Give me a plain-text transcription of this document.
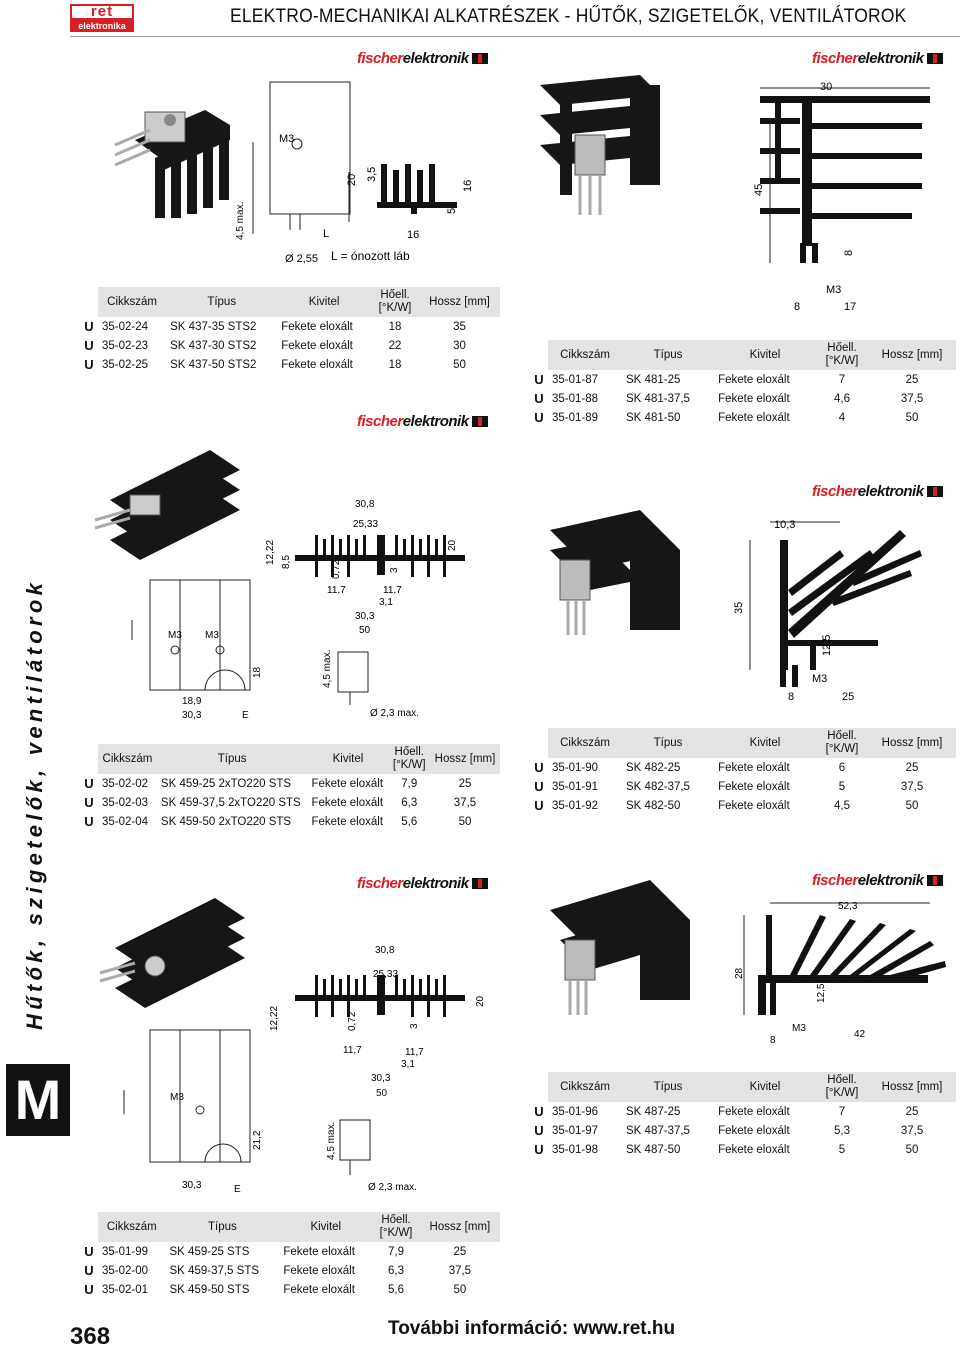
ret
elektronika	ELEKTRO-MECHANIKAI ALKATRÉSZEK - HŰTŐK, SZIGETELŐK, VENTILÁTOROK
Hűtők, szigetelők, ventilátorok
M
fischerelektronik	fischerelektronik
fischerelektronik
fischerelektronik
fischerelektronik	fischerelektronik
M3
20 3,5
16
5
16
4,5 max.	L
Ø 2,55 L = ónozott láb
	Cikkszám	Típus	Kivitel	Hőell.
[°K/W]	Hossz [mm]
U	35-02-24	SK 437-35 STS2	Fekete eloxált	18	35
U	35-02-23	SK 437-30 STS2	Fekete eloxált	22	30
U	35-02-25	SK 437-50 STS2	Fekete eloxált	18	50
30
45
8
M3
8	17
	Cikkszám	Típus	Kivitel	Hőell.
[°K/W]	Hossz [mm]
U	35-01-87	SK 481-25	Fekete eloxált	7	25
U	35-01-88	SK 481-37,5	Fekete eloxált	4,6	37,5
U	35-01-89	SK 481-50	Fekete eloxált	4	50
30,8
25,33
20
3
0,72
12,22 8,5
11,7	11,7
3,1
30,3
50
M3 M3
18,9
30,3	E
18	4,5 max.
Ø 2,3 max.
	Cikkszám	Típus	Kivitel	Hőell.
[°K/W]	Hossz [mm]
U	35-02-02	SK 459-25 2xTO220 STS	Fekete eloxált	7,9	25
U	35-02-03	SK 459-37,5 2xTO220 STS	Fekete eloxált	6,3	37,5
U	35-02-04	SK 459-50 2xTO220 STS	Fekete eloxált	5,6	50
10,3
35
12,5
M3
8	25
	Cikkszám	Típus	Kivitel	Hőell.
[°K/W]	Hossz [mm]
U	35-01-90	SK 482-25	Fekete eloxált	6	25
U	35-01-91	SK 482-37,5	Fekete eloxált	5	37,5
U	35-01-92	SK 482-50	Fekete eloxált	4,5	50
52,3
28
12,5
M3
8
42
	Cikkszám	Típus	Kivitel	Hőell.
[°K/W]	Hossz [mm]
U	35-01-96	SK 487-25	Fekete eloxált	7	25
U	35-01-97	SK 487-37,5	Fekete eloxált	5,3	37,5
U	35-01-98	SK 487-50	Fekete eloxált	5	50
30,8
25,33
20
3
0,72
12,22
11,7	11,7
3,1
30,3
50
M3
30,3	E
21,2	4,5 max.
Ø 2,3 max.
	Cikkszám	Típus	Kivitel	Hőell.
[°K/W]	Hossz [mm]
U	35-01-99	SK 459-25 STS	Fekete eloxált	7,9	25
U	35-02-00	SK 459-37,5 STS	Fekete eloxált	6,3	37,5
U	35-02-01	SK 459-50 STS	Fekete eloxált	5,6	50
368	További információ: www.ret.hu
